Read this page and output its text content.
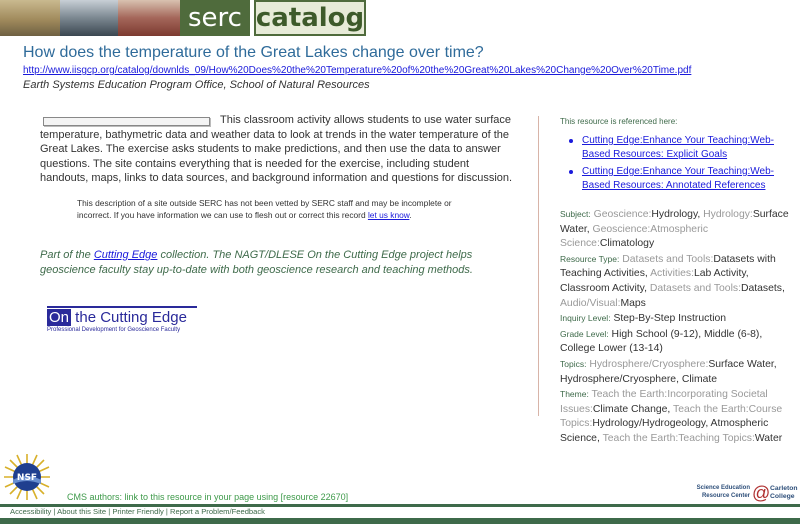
serc catalog
How does the temperature of the Great Lakes change over time?
http://www.iisgcp.org/catalog/downlds_09/How%20Does%20the%20Temperature%20of%20the%20Great%20Lakes%20Change%20Over%20Time.pdf
Earth Systems Education Program Office, School of Natural Resources

This classroom activity allows students to use water surface temperature, bathymetric data and weather data to look at trends in the water temperature of the Great Lakes. The exercise asks students to make predictions, and then use the data to answer questions. The site contains everything that is needed for the exercise, including student handouts, maps, links to data sources, and background information and questions for discussion.

This description of a site outside SERC has not been vetted by SERC staff and may be incomplete or incorrect. If you have information we can use to flesh out or correct this record let us know.

Part of the Cutting Edge collection. The NAGT/DLESE On the Cutting Edge project helps geoscience faculty stay up-to-date with both geoscience research and teaching methods.

On the Cutting Edge
Professional Development for Geoscience Faculty
This resource is referenced here:
Cutting Edge:Enhance Your Teaching:Web-Based Resources: Explicit Goals
Cutting Edge:Enhance Your Teaching:Web-Based Resources: Annotated References
Subject: Geoscience:Hydrology, Hydrology:Surface Water, Geoscience:Atmospheric Science:Climatology
Resource Type: Datasets and Tools:Datasets with Teaching Activities, Activities:Lab Activity, Classroom Activity, Datasets and Tools:Datasets, Audio/Visual:Maps
Inquiry Level: Step-By-Step Instruction
Grade Level: High School (9-12), Middle (6-8), College Lower (13-14)
Topics: Hydrosphere/Cryosphere:Surface Water, Hydrosphere/Cryosphere, Climate
Theme: Teach the Earth:Incorporating Societal Issues:Climate Change, Teach the Earth:Course Topics:Hydrology/Hydrogeology, Atmospheric Science, Teach the Earth:Teaching Topics:Water
NSF
CMS authors: link to this resource in your page using [resource 22670]
Science Education
Resource Center @ Carleton
College
Accessibility | About this Site | Printer Friendly | Report a Problem/Feedback
